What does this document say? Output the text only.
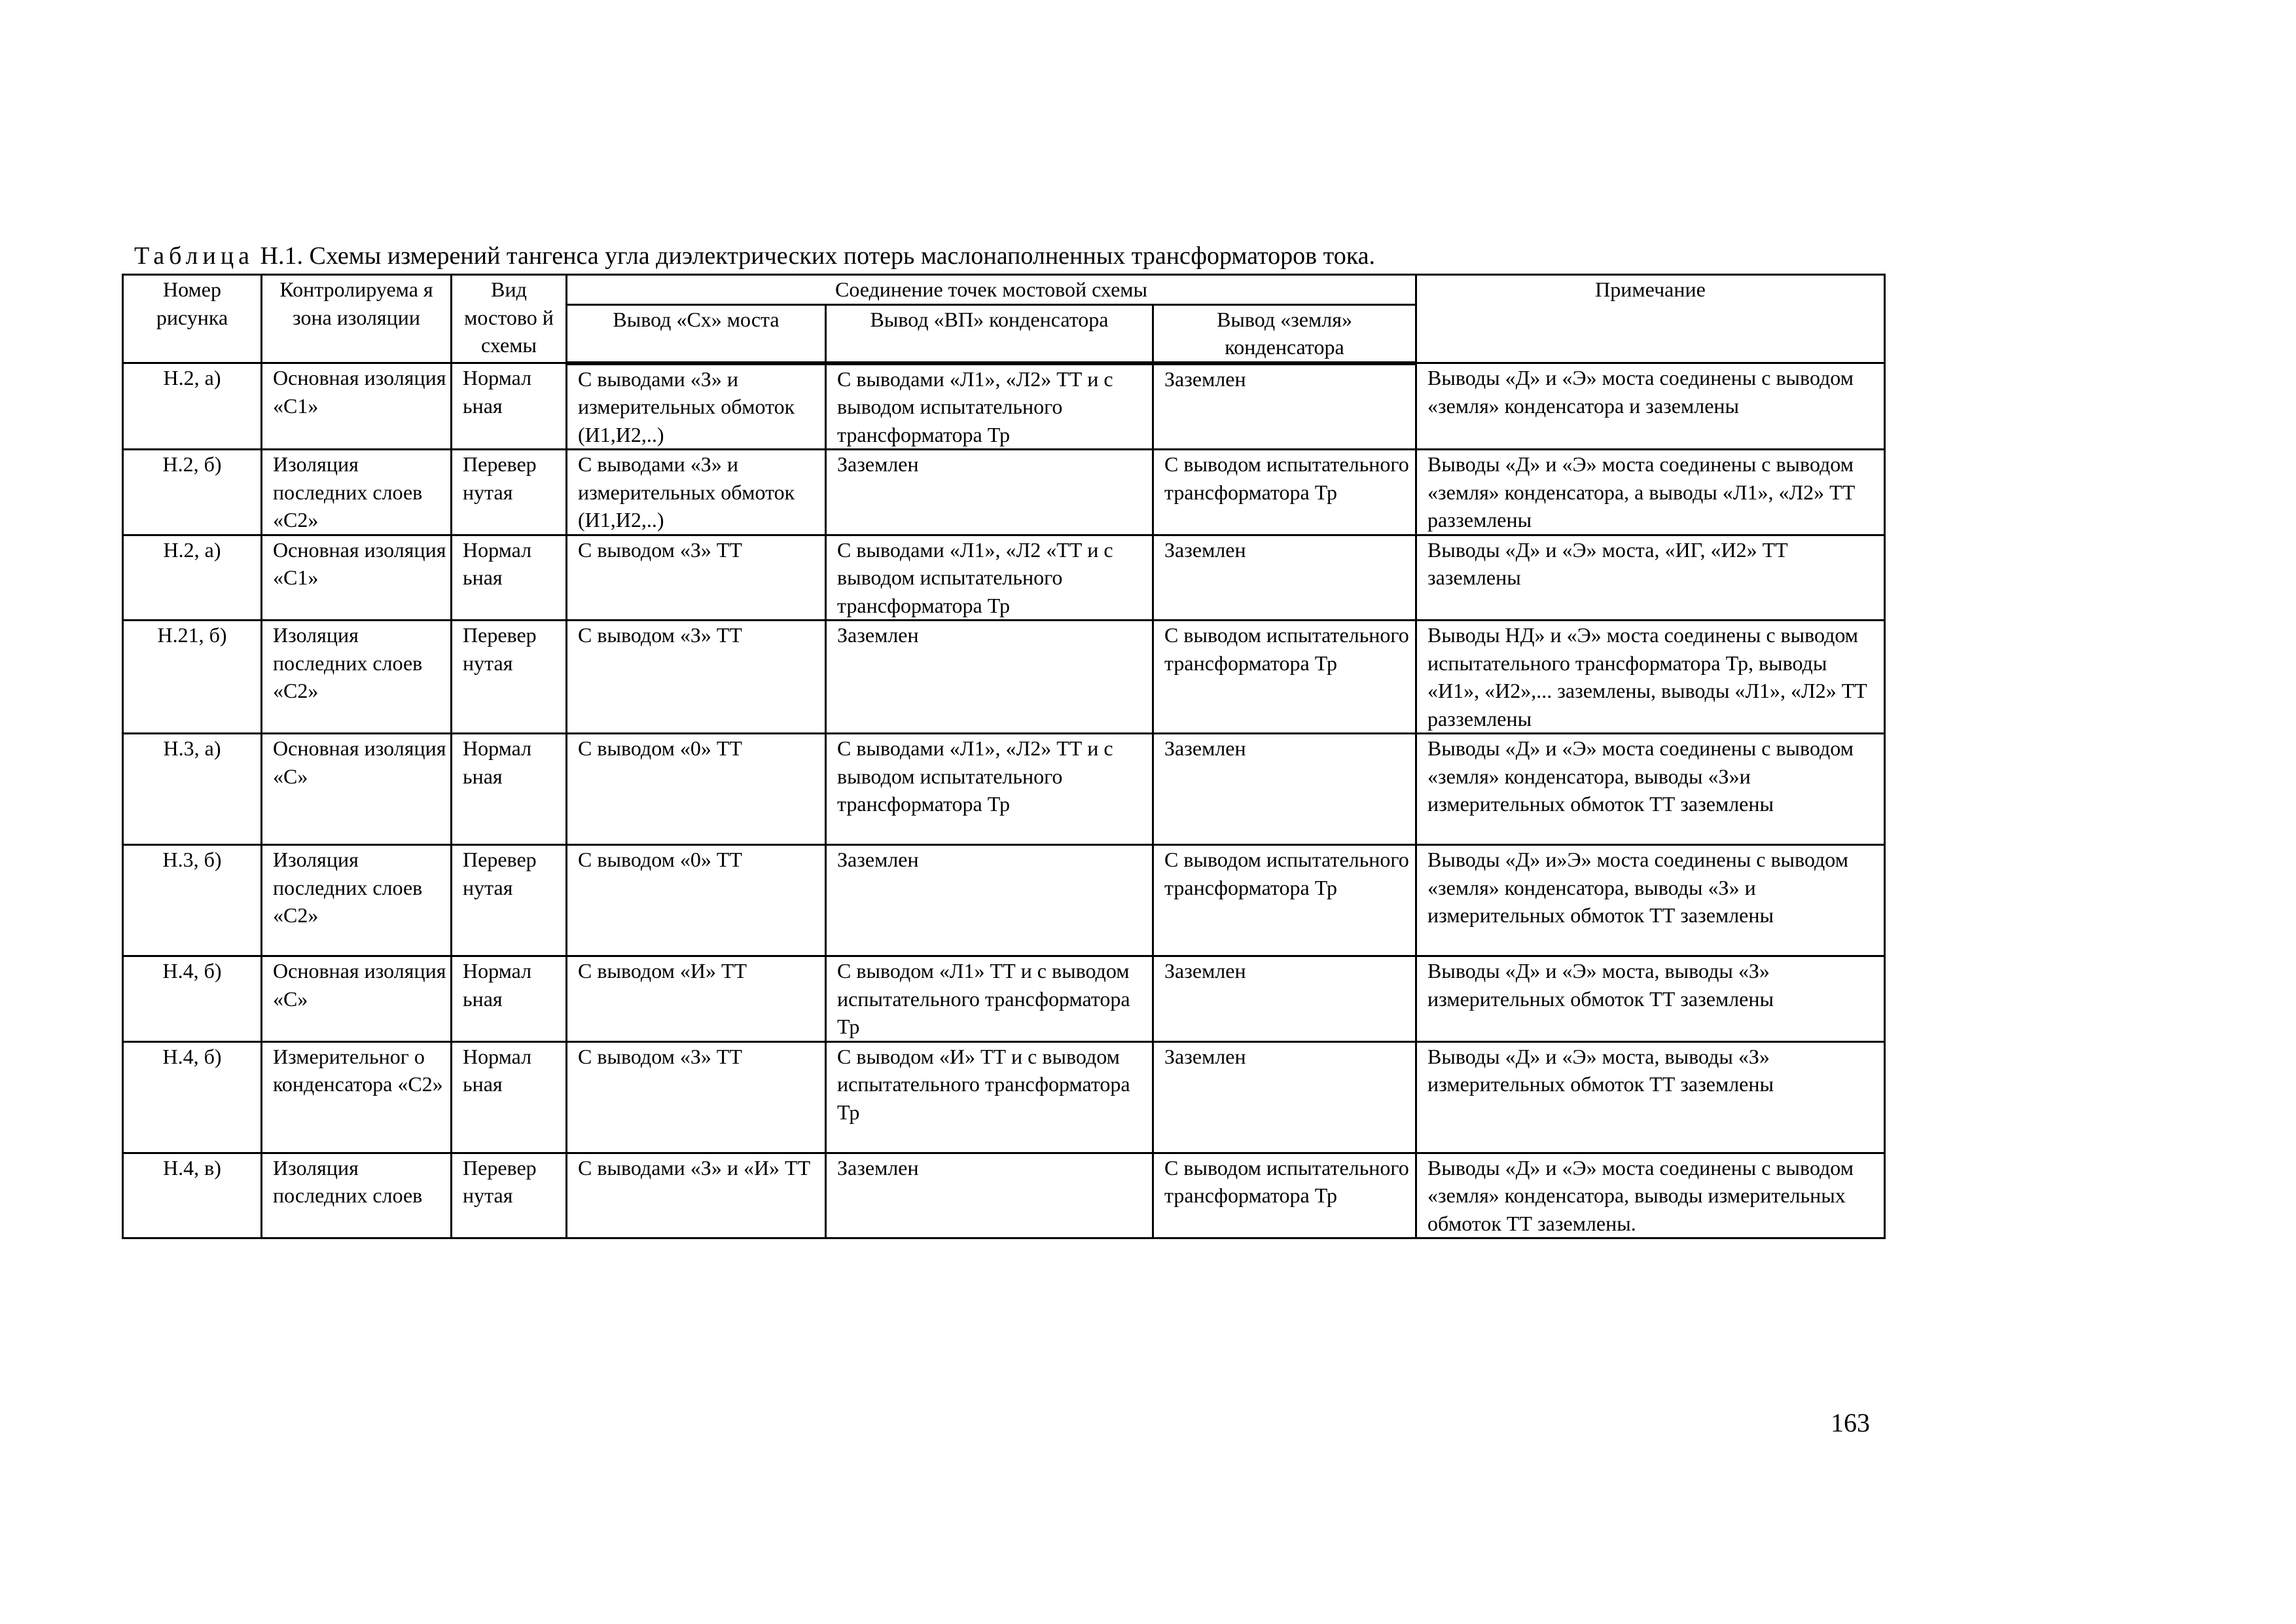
Таблица Н.1. Схемы измерений тангенса угла диэлектрических потерь маслонаполненных трансформаторов тока.
Номер рисунка	Контролируема я зона изоляции	Вид мостово й схемы	Соединение точек мостовой схемы			Примечание
			Вывод «Сх» моста	Вывод «ВП» конденсатора	Вывод «земля» конденсатора	
Н.2, а)	Основная изоляция «С1»	Нормал ьная	С выводами «З» и измерительных обмоток (И1,И2,..)	С выводами «Л1», «Л2» ТТ и с выводом испытательного трансформатора Тр	Заземлен	Выводы «Д» и «Э» моста соединены с выводом «земля» конденсатора и заземлены
Н.2, б)	Изоляция последних слоев «С2»	Перевер нутая	С выводами «З» и измерительных обмоток (И1,И2,..)	Заземлен	С выводом испытательного трансформатора Тр	Выводы «Д» и «Э» моста соединены с выводом «земля» конденсатора, а выводы «Л1», «Л2» ТТ разземлены
Н.2, а)	Основная изоляция «С1»	Нормал ьная	С выводом «З» ТТ	С выводами «Л1», «Л2 «ТТ и с выводом испытательного трансформатора Тр	Заземлен	Выводы «Д» и «Э» моста, «ИГ, «И2» ТТ заземлены
Н.21, б)	Изоляция последних слоев «С2»	Перевер нутая	С выводом «З» ТТ	Заземлен	С выводом испытательного трансформатора Тр	Выводы НД» и «Э» моста соединены с выводом испытательного трансформатора Тр, выводы «И1», «И2»,... заземлены, выводы «Л1», «Л2» ТТ разземлены
Н.3, а)	Основная изоляция «С»	Нормал ьная	С выводом «0» ТТ	С выводами «Л1», «Л2» ТТ и с выводом испытательного трансформатора Тр	Заземлен	Выводы «Д» и «Э» моста соединены с выводом «земля» конденсатора, выводы «З»и измерительных обмоток ТТ заземлены
Н.3, б)	Изоляция последних слоев «С2»	Перевер нутая	С выводом «0» ТТ	Заземлен	С выводом испытательного трансформатора Тр	Выводы «Д» и»Э» моста соединены с выводом «земля» конденсатора, выводы «З» и измерительных обмоток ТТ заземлены
Н.4, б)	Основная изоляция «С»	Нормал ьная	С выводом «И» ТТ	С выводом «Л1» ТТ и с выводом испытательного трансформатора Тр	Заземлен	Выводы «Д» и «Э» моста, выводы «З» измерительных обмоток ТТ заземлены
Н.4, б)	Измерительног о конденсатора «С2»	Нормал ьная	С выводом «З» ТТ	С выводом «И» ТТ и с выводом испытательного трансформатора Тр	Заземлен	Выводы «Д» и «Э» моста, выводы «З» измерительных обмоток ТТ заземлены
Н.4, в)	Изоляция последних слоев	Перевер нутая	С выводами «З» и «И» ТТ	Заземлен	С выводом испытательного трансформатора Тр	Выводы «Д» и «Э» моста соединены с выводом «земля» конденсатора, выводы измерительных обмоток ТТ заземлены.
163
